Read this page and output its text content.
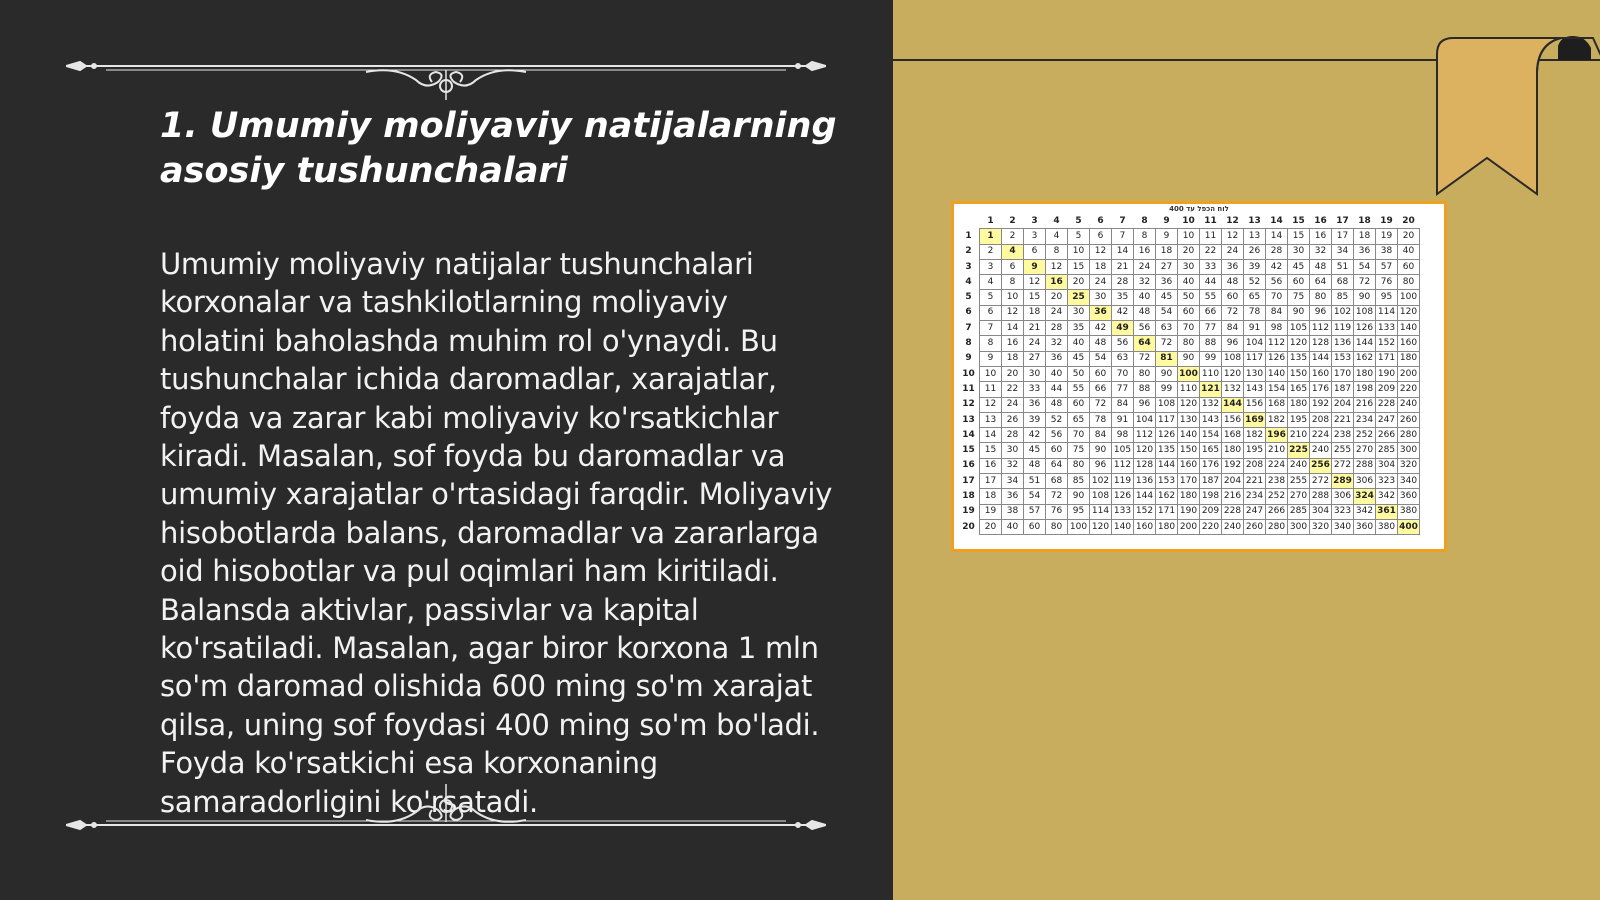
1. Umumiy moliyaviy natijalarning asosiy tushunchalari

Umumiy moliyaviy natijalar tushunchalari korxonalar va tashkilotlarning moliyaviy holatini baholashda muhim rol o'ynaydi. Bu tushunchalar ichida daromadlar, xarajatlar, foyda va zarar kabi moliyaviy ko'rsatkichlar kiradi. Masalan, sof foyda bu daromadlar va umumiy xarajatlar o'rtasidagi farqdir. Moliyaviy hisobotlarda balans, daromadlar va zararlarga oid hisobotlar va pul oqimlari ham kiritiladi. Balansda aktivlar, passivlar va kapital ko'rsatiladi. Masalan, agar biror korxona 1 mln so'm daromad olishida 600 ming so'm xarajat qilsa, uning sof foydasi 400 ming so'm bo'ladi. Foyda ko'rsatkichi esa korxonaning samaradorligini ko'rsatadi.

לוח הכפל עד 400
	1	2	3	4	5	6	7	8	9	10	11	12	13	14	15	16	17	18	19	20
1	1	2	3	4	5	6	7	8	9	10	11	12	13	14	15	16	17	18	19	20
2	2	4	6	8	10	12	14	16	18	20	22	24	26	28	30	32	34	36	38	40
3	3	6	9	12	15	18	21	24	27	30	33	36	39	42	45	48	51	54	57	60
4	4	8	12	16	20	24	28	32	36	40	44	48	52	56	60	64	68	72	76	80
5	5	10	15	20	25	30	35	40	45	50	55	60	65	70	75	80	85	90	95	100
6	6	12	18	24	30	36	42	48	54	60	66	72	78	84	90	96	102	108	114	120
7	7	14	21	28	35	42	49	56	63	70	77	84	91	98	105	112	119	126	133	140
8	8	16	24	32	40	48	56	64	72	80	88	96	104	112	120	128	136	144	152	160
9	9	18	27	36	45	54	63	72	81	90	99	108	117	126	135	144	153	162	171	180
10	10	20	30	40	50	60	70	80	90	100	110	120	130	140	150	160	170	180	190	200
11	11	22	33	44	55	66	77	88	99	110	121	132	143	154	165	176	187	198	209	220
12	12	24	36	48	60	72	84	96	108	120	132	144	156	168	180	192	204	216	228	240
13	13	26	39	52	65	78	91	104	117	130	143	156	169	182	195	208	221	234	247	260
14	14	28	42	56	70	84	98	112	126	140	154	168	182	196	210	224	238	252	266	280
15	15	30	45	60	75	90	105	120	135	150	165	180	195	210	225	240	255	270	285	300
16	16	32	48	64	80	96	112	128	144	160	176	192	208	224	240	256	272	288	304	320
17	17	34	51	68	85	102	119	136	153	170	187	204	221	238	255	272	289	306	323	340
18	18	36	54	72	90	108	126	144	162	180	198	216	234	252	270	288	306	324	342	360
19	19	38	57	76	95	114	133	152	171	190	209	228	247	266	285	304	323	342	361	380
20	20	40	60	80	100	120	140	160	180	200	220	240	260	280	300	320	340	360	380	400
